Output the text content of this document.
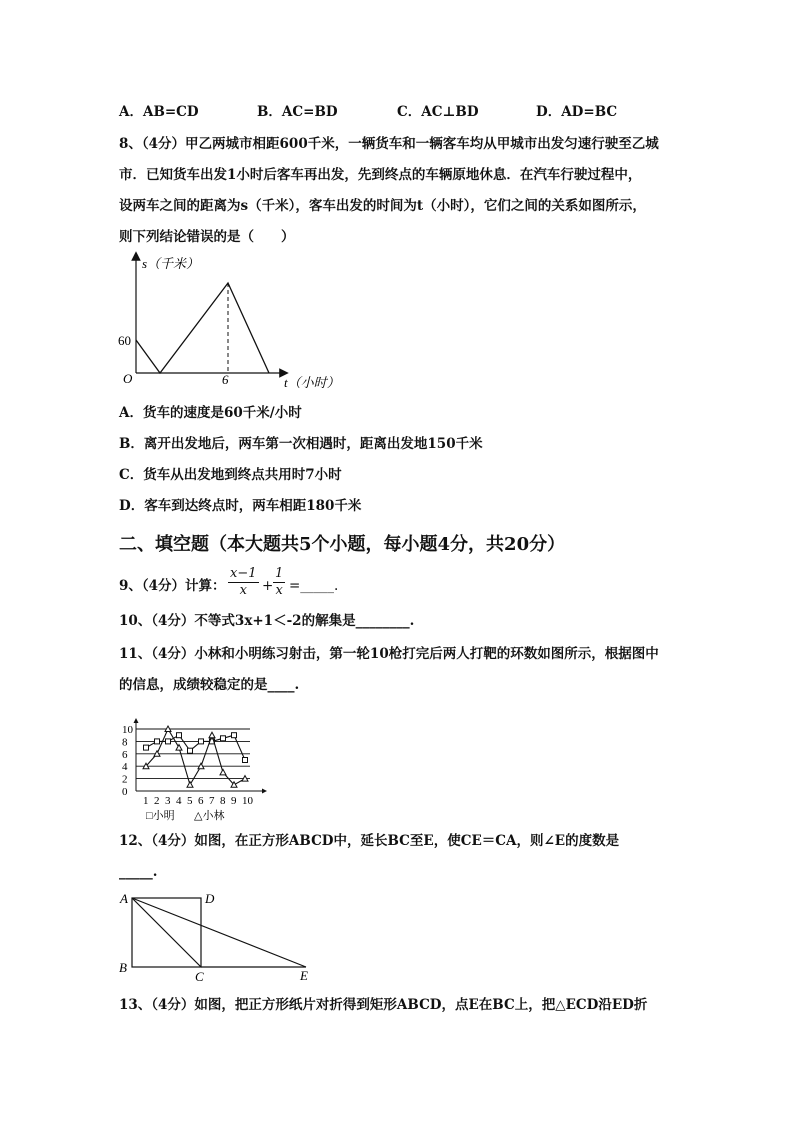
A．AB=CD	B．AC=BD	C．AC⊥BD	D．AD=BC
8、（4分）甲乙两城市相距600千米，一辆货车和一辆客车均从甲城市出发匀速行驶至乙城
市．已知货车出发1小时后客车再出发，先到终点的车辆原地休息．在汽车行驶过程中，
设两车之间的距离为s（千米），客车出发的时间为t（小时），它们之间的关系如图所示，
则下列结论错误的是（　　）
s（千米）
60
O	6	t（小时）
A．货车的速度是60千米/小时
B．离开出发地后，两车第一次相遇时，距离出发地150千米
C．货车从出发地到终点共用时7小时
D．客车到达终点时，两车相距180千米
二、填空题（本大题共5个小题，每小题4分，共20分）
9、（4分）计算： $\frac{x-1}{x} + \frac{1}{x}$ =_____.
10、（4分）不等式3x+1＜-2的解集是________.
11、（4分）小林和小明练习射击，第一轮10枪打完后两人打靶的环数如图所示，根据图中
的信息，成绩较稳定的是____.
0
2
4
6
8
10
1 2 3 4 5 6 7 8 9 10
□小明 △小林
12、（4分）如图，在正方形ABCD中，延长BC至E，使CE＝CA，则∠E的度数是
_____.
A	D
B
C	E
13、（4分）如图，把正方形纸片对折得到矩形ABCD，点E在BC上，把△ECD沿ED折
